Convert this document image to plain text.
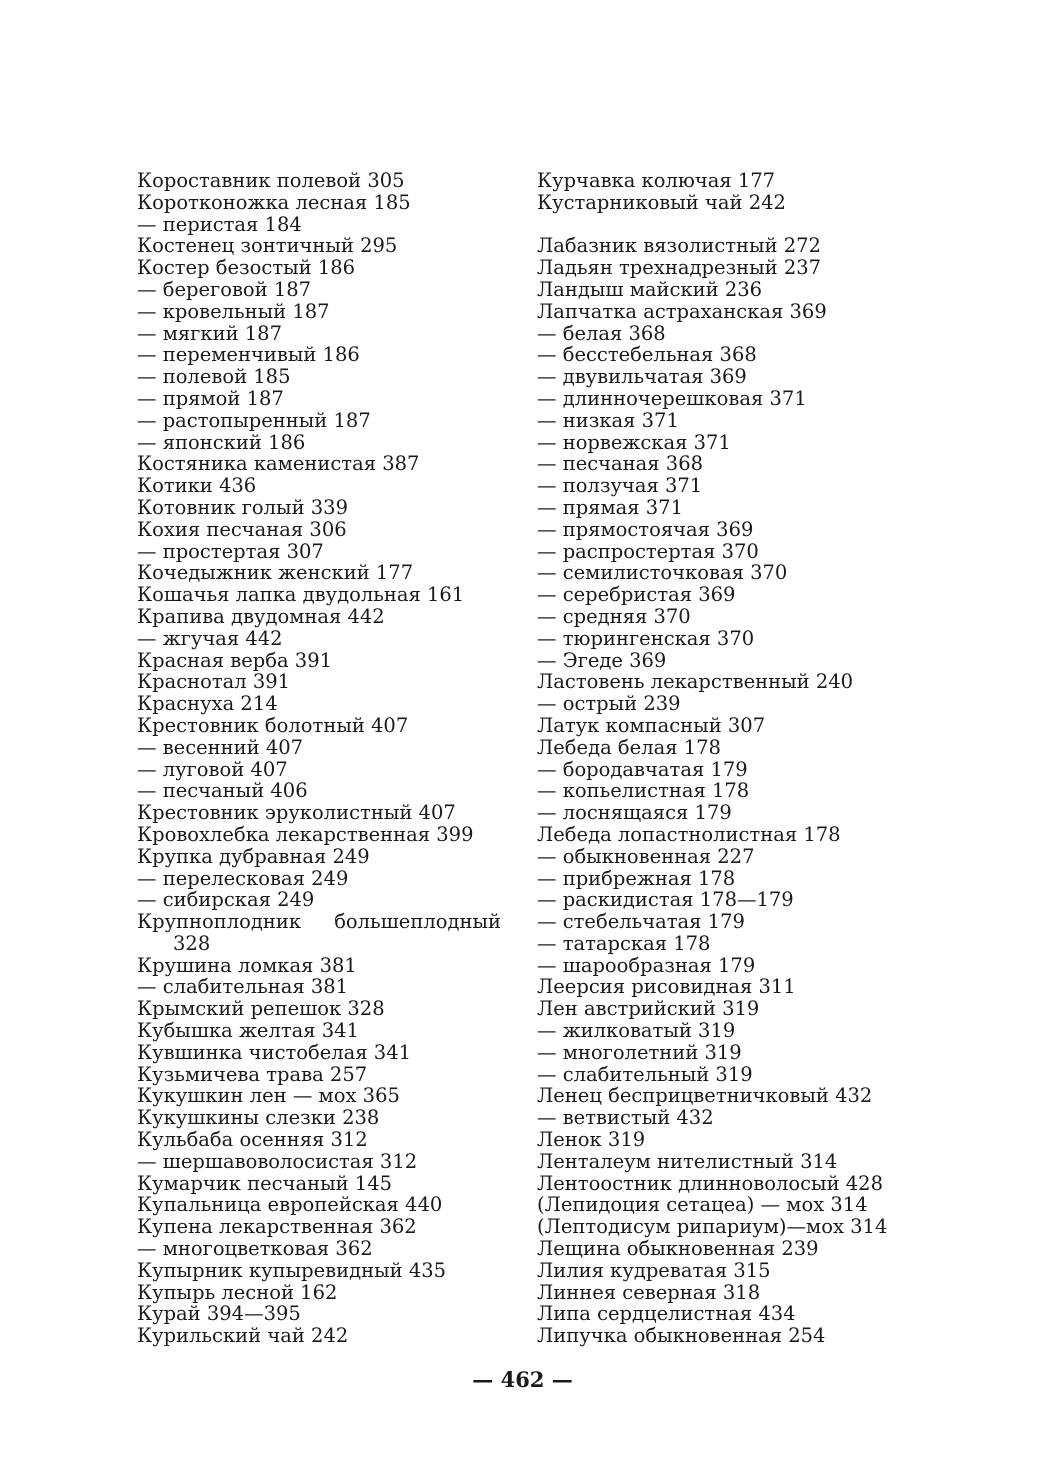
Короставник полевой 305
Коротконожка лесная 185
— перистая 184
Костенец зонтичный 295
Костер безостый 186
— береговой 187
— кровельный 187
— мягкий 187
— переменчивый 186
— полевой 185
— прямой 187
— растопыренный 187
— японский 186
Костяника каменистая 387
Котики 436
Котовник голый 339
Кохия песчаная 306
— простертая 307
Кочедыжник женский 177
Кошачья лапка двудольная 161
Крапива двудомная 442
— жгучая 442
Красная верба 391
Краснотал 391
Краснуха 214
Крестовник болотный 407
— весенний 407
— луговой 407
— песчаный 406
Крестовник эруколистный 407
Кровохлебка лекарственная 399
Крупка дубравная 249
— перелесковая 249
— сибирская 249
Крупноплодник большеплодный
328
Крушина ломкая 381
— слабительная 381
Крымский репешок 328
Кубышка желтая 341
Кувшинка чистобелая 341
Кузьмичева трава 257
Кукушкин лен — мох 365
Кукушкины слезки 238
Кульбаба осенняя 312
— шершавоволосистая 312
Кумарчик песчаный 145
Купальница европейская 440
Купена лекарственная 362
— многоцветковая 362
Купырник купыревидный 435
Купырь лесной 162
Курай 394—395
Курильский чай 242
Курчавка колючая 177
Кустарниковый чай 242
Лабазник вязолистный 272
Ладьян трехнадрезный 237
Ландыш майский 236
Лапчатка астраханская 369
— белая 368
— бесстебельная 368
— двувильчатая 369
— длинночерешковая 371
— низкая 371
— норвежская 371
— песчаная 368
— ползучая 371
— прямая 371
— прямостоячая 369
— распростертая 370
— семилисточковая 370
— серебристая 369
— средняя 370
— тюрингенская 370
— Эгеде 369
Ластовень лекарственный 240
— острый 239
Латук компасный 307
Лебеда белая 178
— бородавчатая 179
— копьелистная 178
— лоснящаяся 179
Лебеда лопастнолистная 178
— обыкновенная 227
— прибрежная 178
— раскидистая 178—179
— стебельчатая 179
— татарская 178
— шарообразная 179
Леерсия рисовидная 311
Лен австрийский 319
— жилковатый 319
— многолетний 319
— слабительный 319
Ленец бесприцветничковый 432
— ветвистый 432
Ленок 319
Ленталеум нителистный 314
Лентоостник длинноволосый 428
(Лепидоция сетацеа) — мох 314
(Лептодисум рипариум)—мох 314
Лещина обыкновенная 239
Лилия кудреватая 315
Линнея северная 318
Липа сердцелистная 434
Липучка обыкновенная 254
— 462 —
